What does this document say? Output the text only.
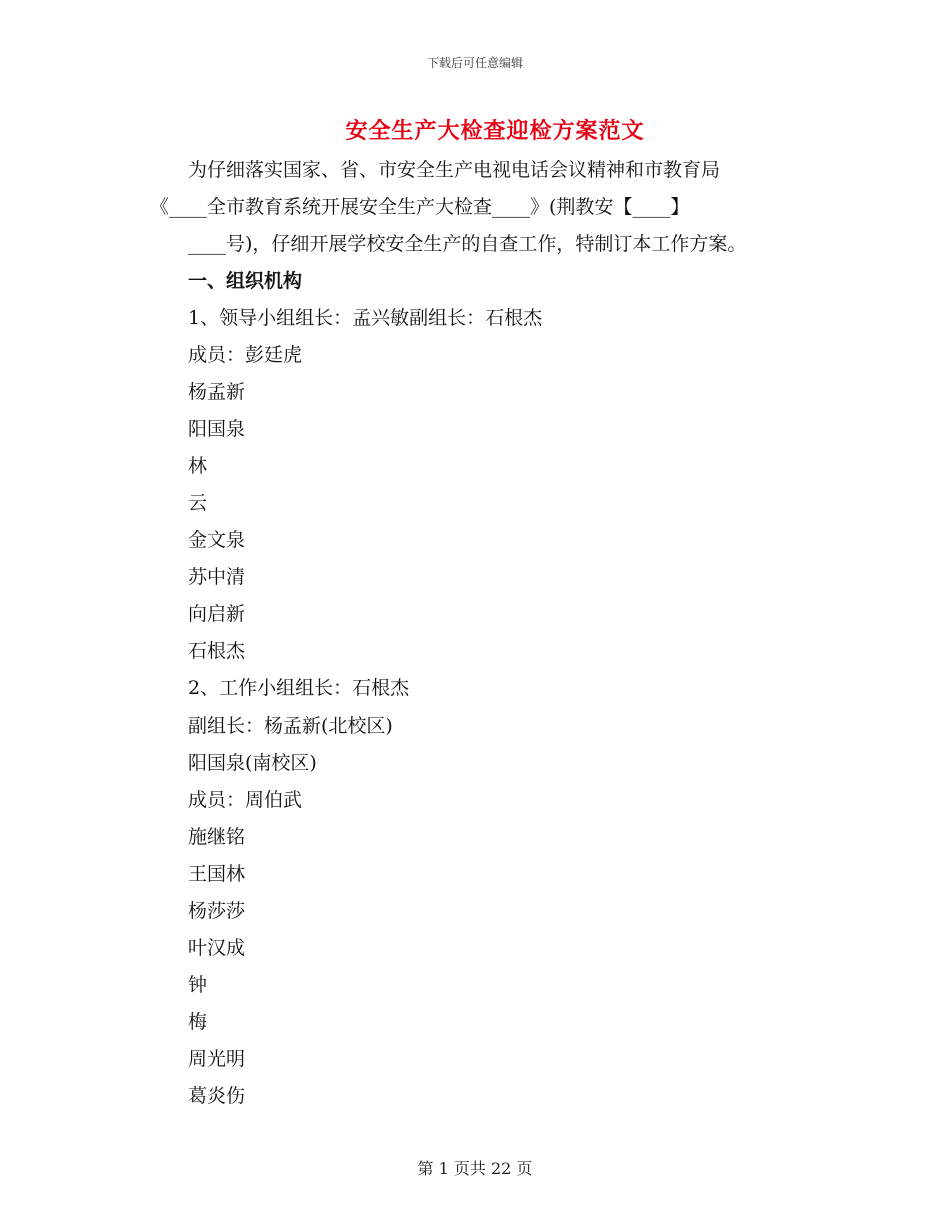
下载后可任意编辑
安全生产大检查迎检方案范文
为仔细落实国家、省、市安全生产电视电话会议精神和市教育局
《____全市教育系统开展安全生产大检查____》(荆教安【____】
____号)，仔细开展学校安全生产的自查工作，特制订本工作方案。
一、组织机构
1、领导小组组长：孟兴敏副组长：石根杰
成员：彭廷虎
杨孟新
阳国泉
林
云
金文泉
苏中清
向启新
石根杰
2、工作小组组长：石根杰
副组长：杨孟新(北校区)
阳国泉(南校区)
成员：周伯武
施继铭
王国林
杨莎莎
叶汉成
钟
梅
周光明
葛炎伤
第 1 页共 22 页
